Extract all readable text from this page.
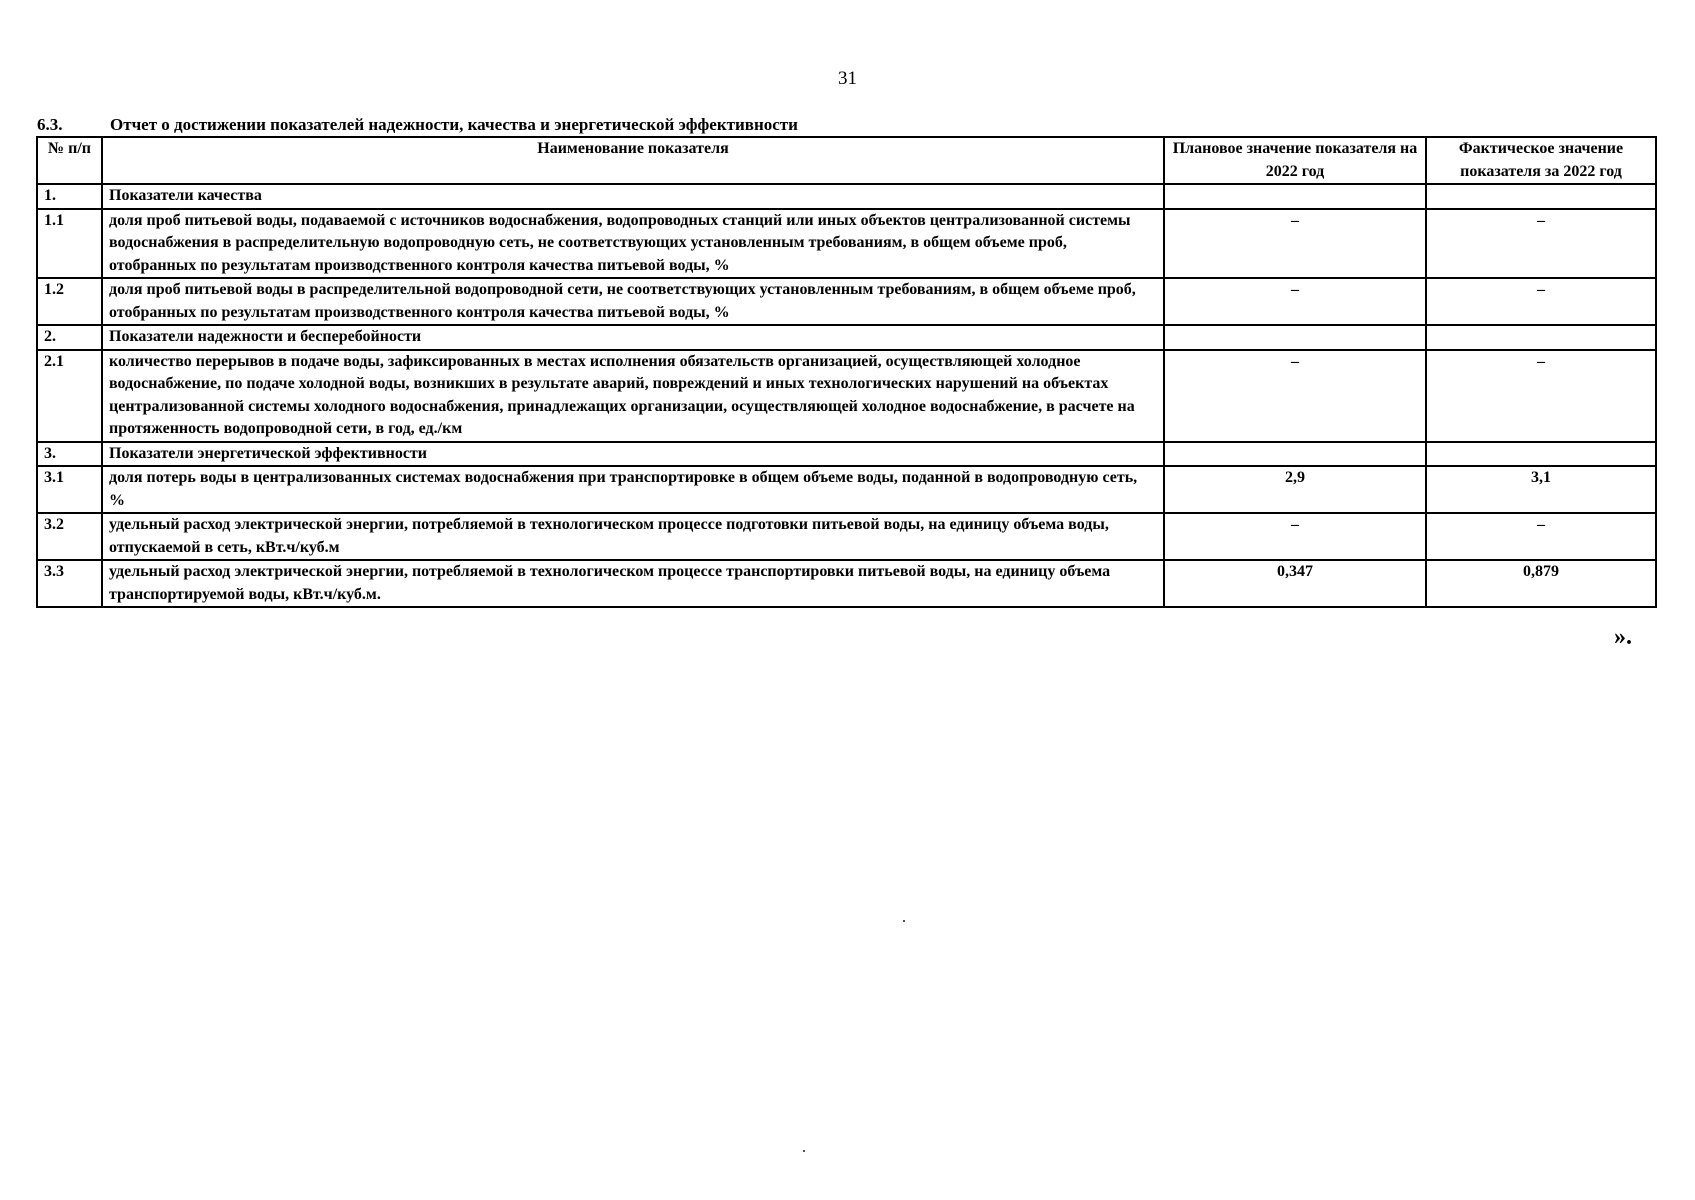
31
6.3.	Отчет о достижении показателей надежности, качества и энергетической эффективности
№ п/п	Наименование показателя	Плановое значение показателя на 2022 год	Фактическое значение показателя за 2022 год
1.	Показатели качества		
1.1	доля проб питьевой воды, подаваемой с источников водоснабжения, водопроводных станций или иных объектов централизованной системы водоснабжения в распределительную водопроводную сеть, не соответствующих установленным требованиям, в общем объеме проб, отобранных по результатам производственного контроля качества питьевой воды, %	–	–
1.2	доля проб питьевой воды в распределительной водопроводной сети, не соответствующих установленным требованиям, в общем объеме проб, отобранных по результатам производственного контроля качества питьевой воды, %	–	–
2.	Показатели надежности и бесперебойности		
2.1	количество перерывов в подаче воды, зафиксированных в местах исполнения обязательств организацией, осуществляющей холодное водоснабжение, по подаче холодной воды, возникших в результате аварий, повреждений и иных технологических нарушений на объектах централизованной системы холодного водоснабжения, принадлежащих организации, осуществляющей холодное водоснабжение, в расчете на протяженность водопроводной сети, в год, ед./км	–	–
3.	Показатели энергетической эффективности		
3.1	доля потерь воды в централизованных системах водоснабжения при транспортировке в общем объеме воды, поданной в водопроводную сеть, %	2,9	3,1
3.2	удельный расход электрической энергии, потребляемой в технологическом процессе подготовки питьевой воды, на единицу объема воды, отпускаемой в сеть, кВт.ч/куб.м	–	–
3.3	удельный расход электрической энергии, потребляемой в технологическом процессе транспортировки питьевой воды, на единицу объема транспортируемой воды, кВт.ч/куб.м.	0,347	0,879
».
